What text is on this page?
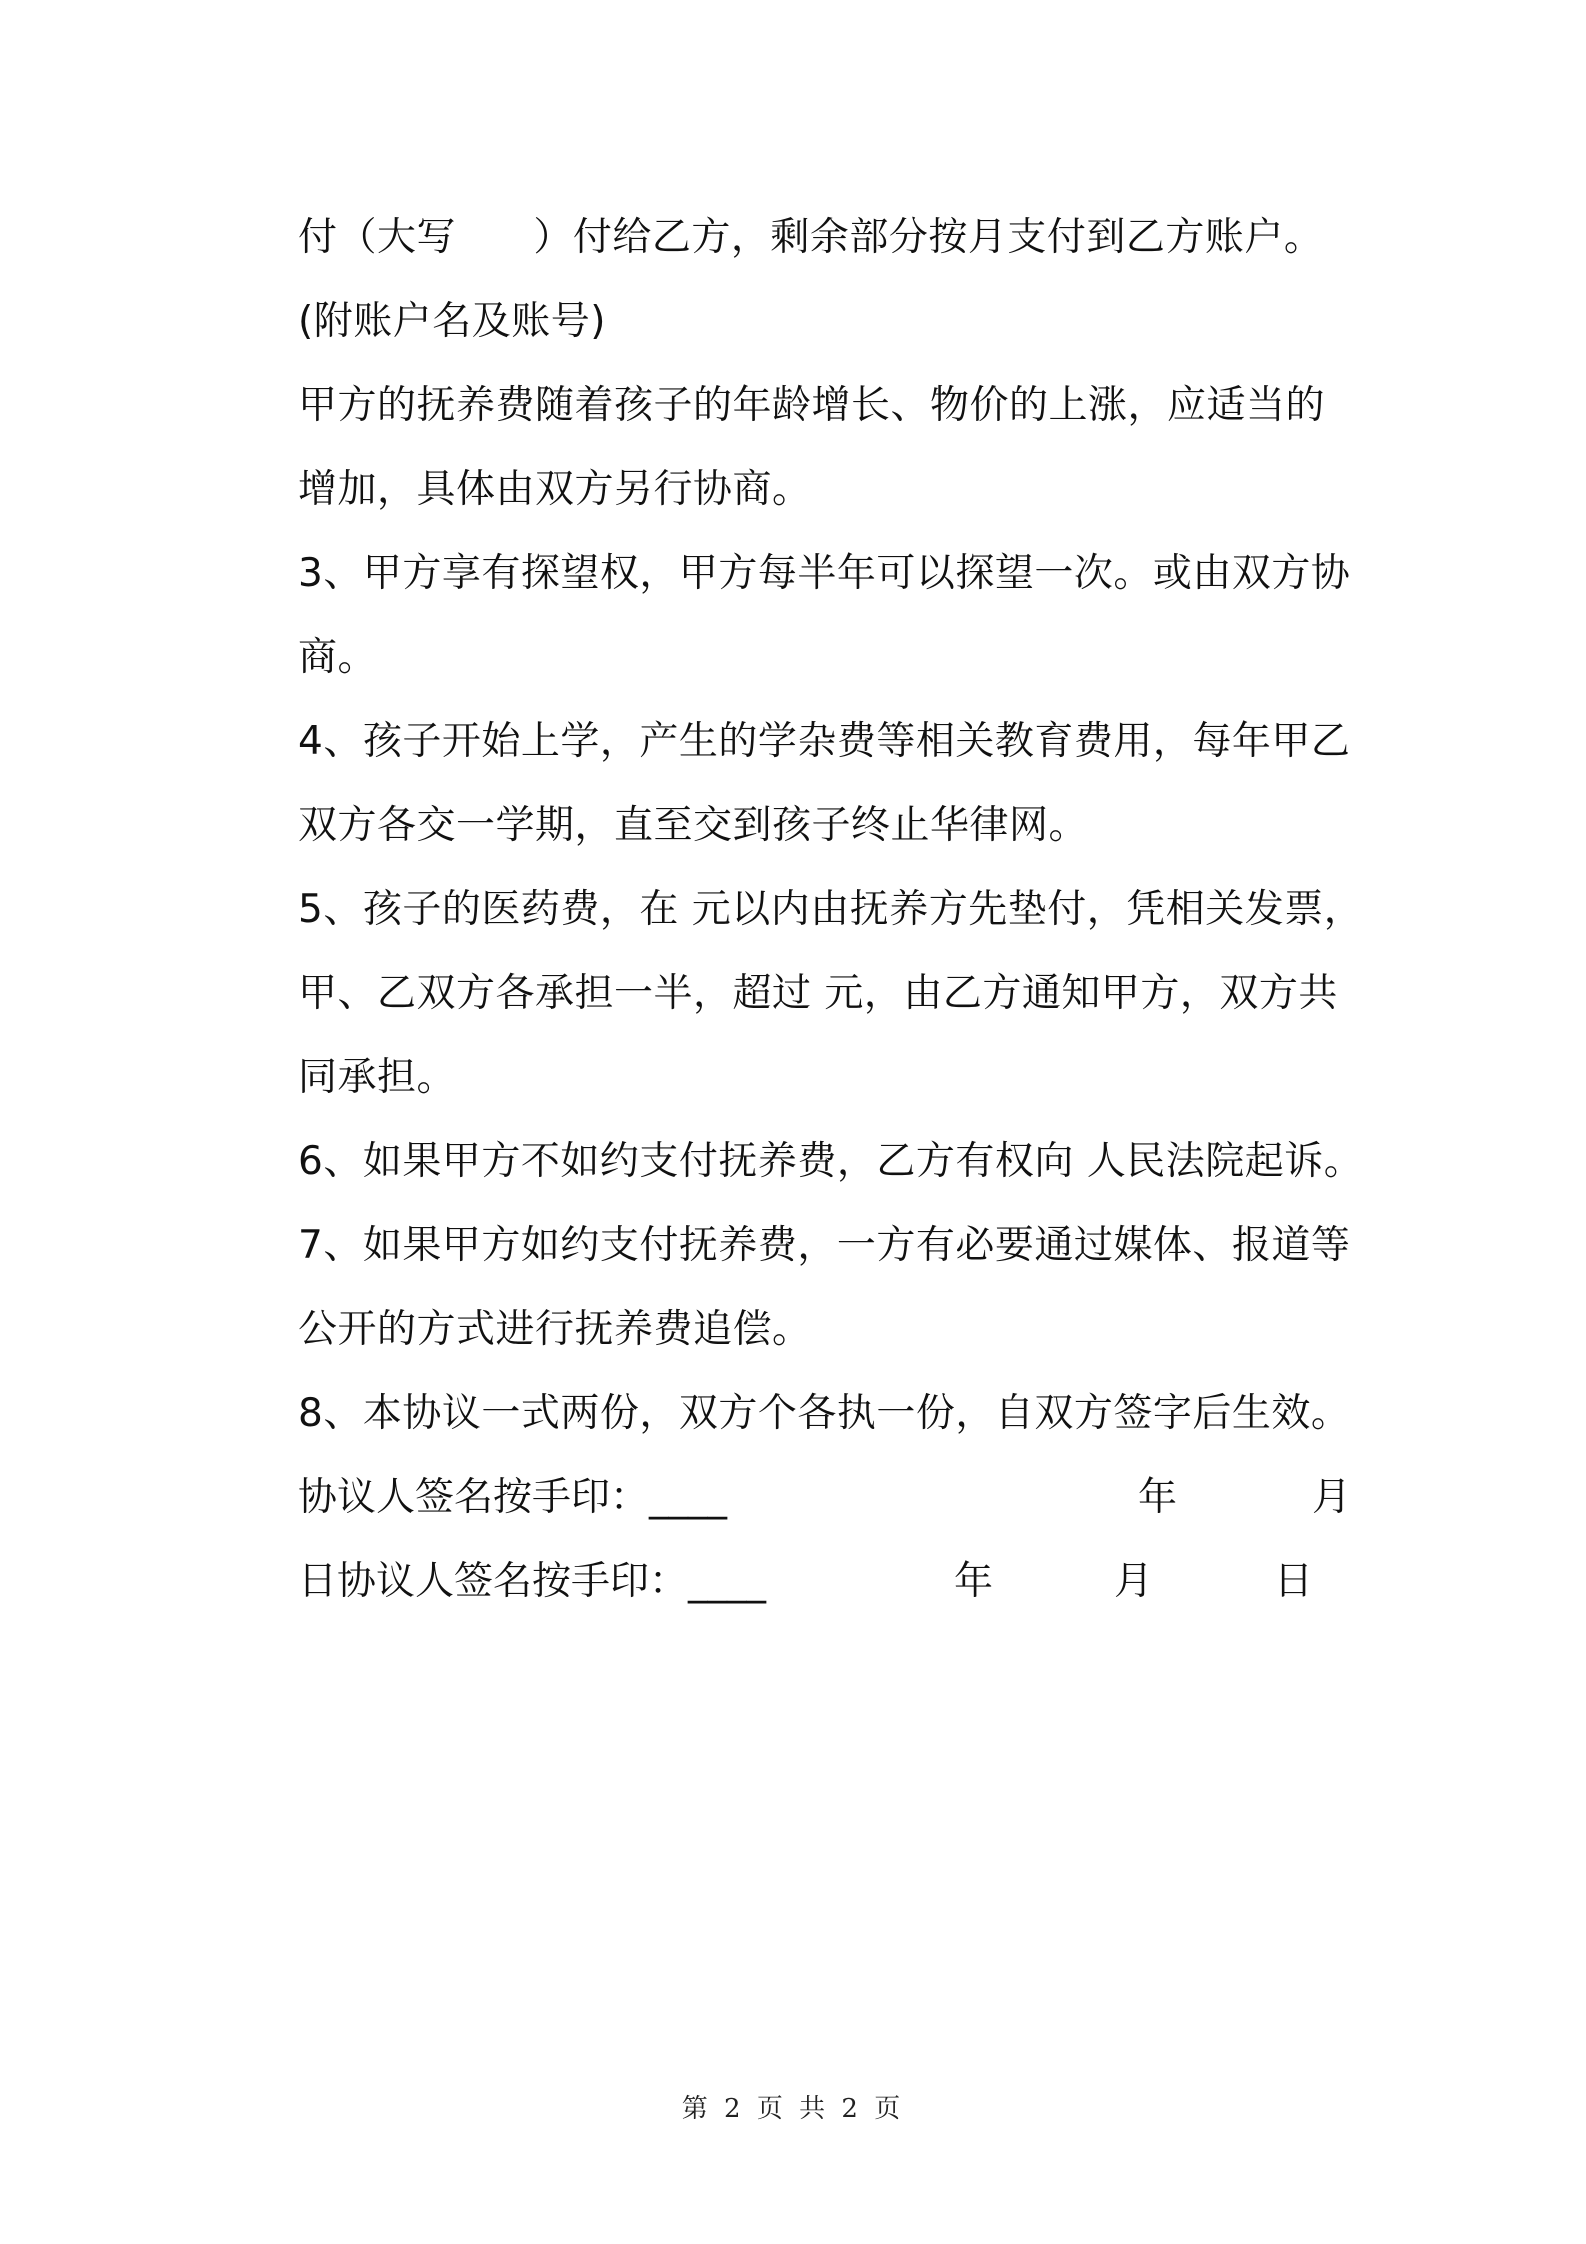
付（大写      ）付给乙方，剩余部分按月支付到乙方账户。
(附账户名及账号)
甲方的抚养费随着孩子的年龄增长、物价的上涨，应适当的
增加，具体由双方另行协商。
3、甲方享有探望权，甲方每半年可以探望一次。或由双方协
商。
4、孩子开始上学，产生的学杂费等相关教育费用，每年甲乙
双方各交一学期，直至交到孩子终止华律网。
5、孩子的医药费，在 元以内由抚养方先垫付，凭相关发票，
甲、乙双方各承担一半，超过 元，由乙方通知甲方，双方共
同承担。
6、如果甲方不如约支付抚养费，乙方有权向 人民法院起诉。
7、如果甲方如约支付抚养费，一方有必要通过媒体、报道等
公开的方式进行抚养费追偿。
8、本协议一式两份，双方个各执一份，自双方签字后生效。

协议人签名按手印：____

	年

	月

日协议人签名按手印：____

	年

	月

	日

第 2 页 共 2 页
